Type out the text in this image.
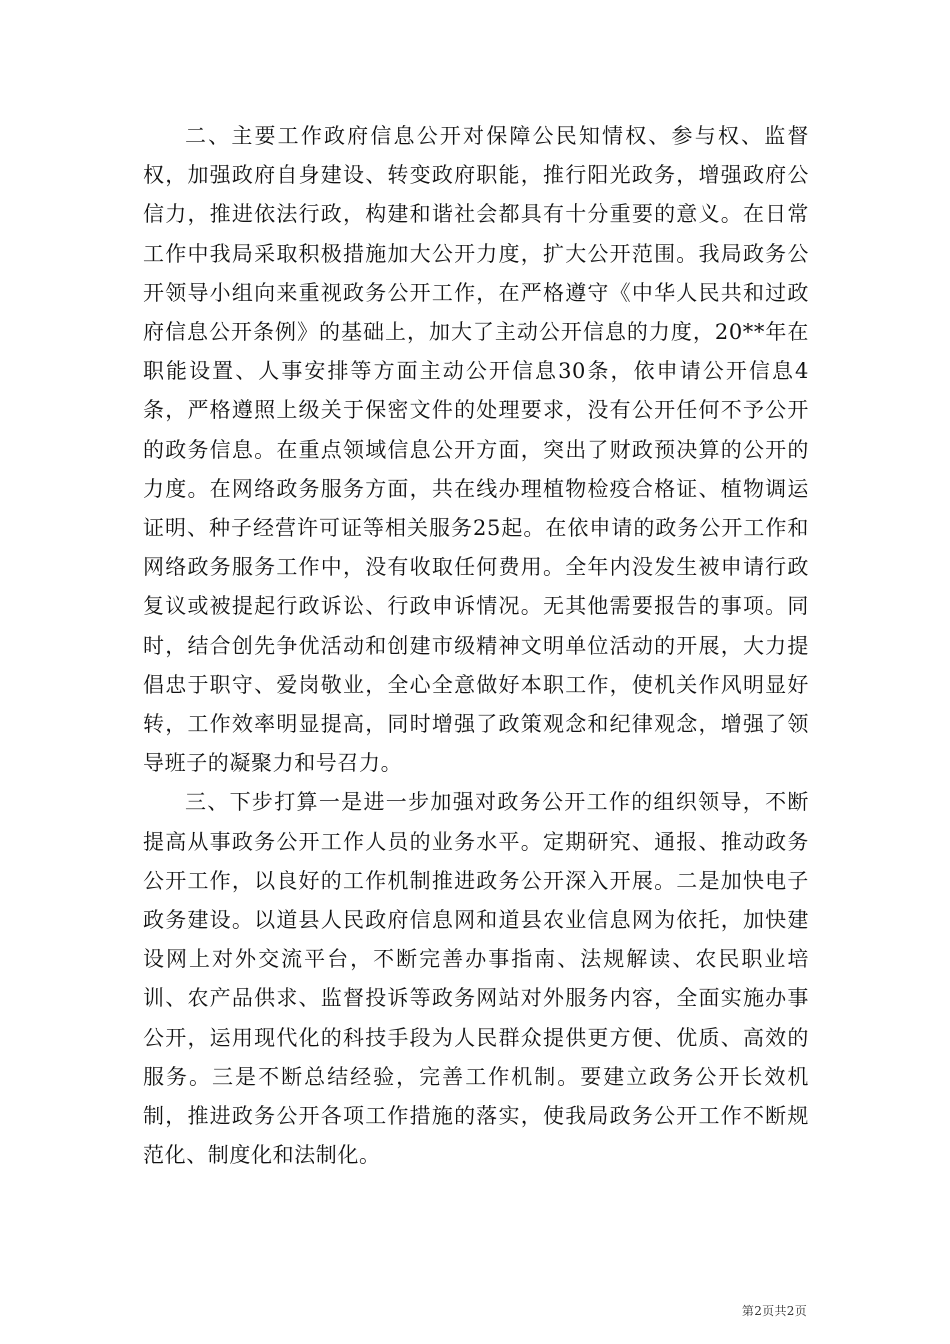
二、主要工作政府信息公开对保障公民知情权、参与权、监督权，加强政府自身建设、转变政府职能，推行阳光政务，增强政府公信力，推进依法行政，构建和谐社会都具有十分重要的意义。在日常工作中我局采取积极措施加大公开力度，扩大公开范围。我局政务公开领导小组向来重视政务公开工作，在严格遵守《中华人民共和过政府信息公开条例》的基础上，加大了主动公开信息的力度，20**年在职能设置、人事安排等方面主动公开信息30条，依申请公开信息4条，严格遵照上级关于保密文件的处理要求，没有公开任何不予公开的政务信息。在重点领域信息公开方面，突出了财政预决算的公开的力度。在网络政务服务方面，共在线办理植物检疫合格证、植物调运证明、种子经营许可证等相关服务25起。在依申请的政务公开工作和网络政务服务工作中，没有收取任何费用。全年内没发生被申请行政复议或被提起行政诉讼、行政申诉情况。无其他需要报告的事项。同时，结合创先争优活动和创建市级精神文明单位活动的开展，大力提倡忠于职守、爱岗敬业，全心全意做好本职工作，使机关作风明显好转，工作效率明显提高，同时增强了政策观念和纪律观念，增强了领导班子的凝聚力和号召力。

三、下步打算一是进一步加强对政务公开工作的组织领导，不断提高从事政务公开工作人员的业务水平。定期研究、通报、推动政务公开工作，以良好的工作机制推进政务公开深入开展。二是加快电子政务建设。以道县人民政府信息网和道县农业信息网为依托，加快建设网上对外交流平台，不断完善办事指南、法规解读、农民职业培训、农产品供求、监督投诉等政务网站对外服务内容，全面实施办事公开，运用现代化的科技手段为人民群众提供更方便、优质、高效的服务。三是不断总结经验，完善工作机制。要建立政务公开长效机制，推进政务公开各项工作措施的落实，使我局政务公开工作不断规范化、制度化和法制化。

第2页共2页
